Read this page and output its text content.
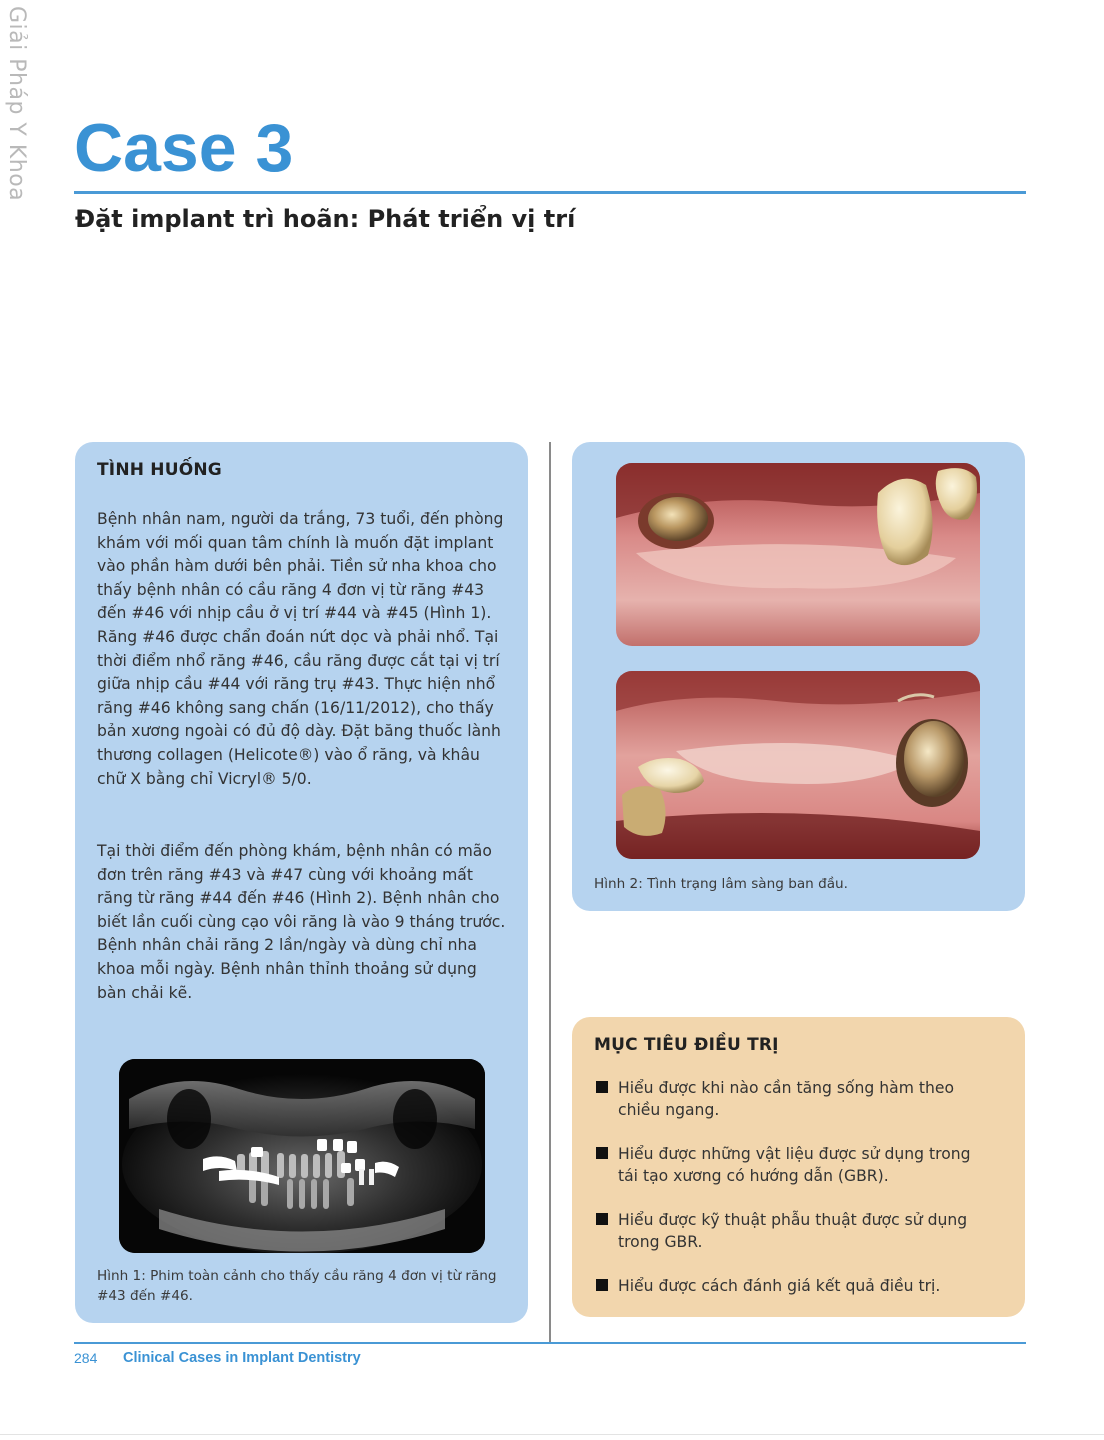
Giải Pháp Y Khoa Case 3
Đặt implant trì hoãn: Phát triển vị trí
TÌNH HUỐNG

Bệnh nhân nam, người da trắng, 73 tuổi, đến phòng khám với mối quan tâm chính là muốn đặt implant vào phần hàm dưới bên phải. Tiền sử nha khoa cho thấy bệnh nhân có cầu răng 4 đơn vị từ răng #43 đến #46 với nhịp cầu ở vị trí #44 và #45 (Hình 1). Răng #46 được chẩn đoán nứt dọc và phải nhổ. Tại thời điểm nhổ răng #46, cầu răng được cắt tại vị trí giữa nhịp cầu #44 với răng trụ #43. Thực hiện nhổ răng #46 không sang chấn (16/11/2012), cho thấy bản xương ngoài có đủ độ dày. Đặt băng thuốc lành thương collagen (Helicote®) vào ổ răng, và khâu chữ X bằng chỉ Vicryl® 5/0.

Tại thời điểm đến phòng khám, bệnh nhân có mão đơn trên răng #43 và #47 cùng với khoảng mất răng từ răng #44 đến #46 (Hình 2). Bệnh nhân cho biết lần cuối cùng cạo vôi răng là vào 9 tháng trước. Bệnh nhân chải răng 2 lần/ngày và dùng chỉ nha khoa mỗi ngày. Bệnh nhân thỉnh thoảng sử dụng bàn chải kẽ.

Hình 1: Phim toàn cảnh cho thấy cầu răng 4 đơn vị từ răng #43 đến #46.

Hình 2: Tình trạng lâm sàng ban đầu.

MỤC TIÊU ĐIỀU TRỊ
Hiểu được khi nào cần tăng sống hàm theo chiều ngang.
Hiểu được những vật liệu được sử dụng trong tái tạo xương có hướng dẫn (GBR).
Hiểu được kỹ thuật phẫu thuật được sử dụng trong GBR.
Hiểu được cách đánh giá kết quả điều trị.
284 Clinical Cases in Implant Dentistry
